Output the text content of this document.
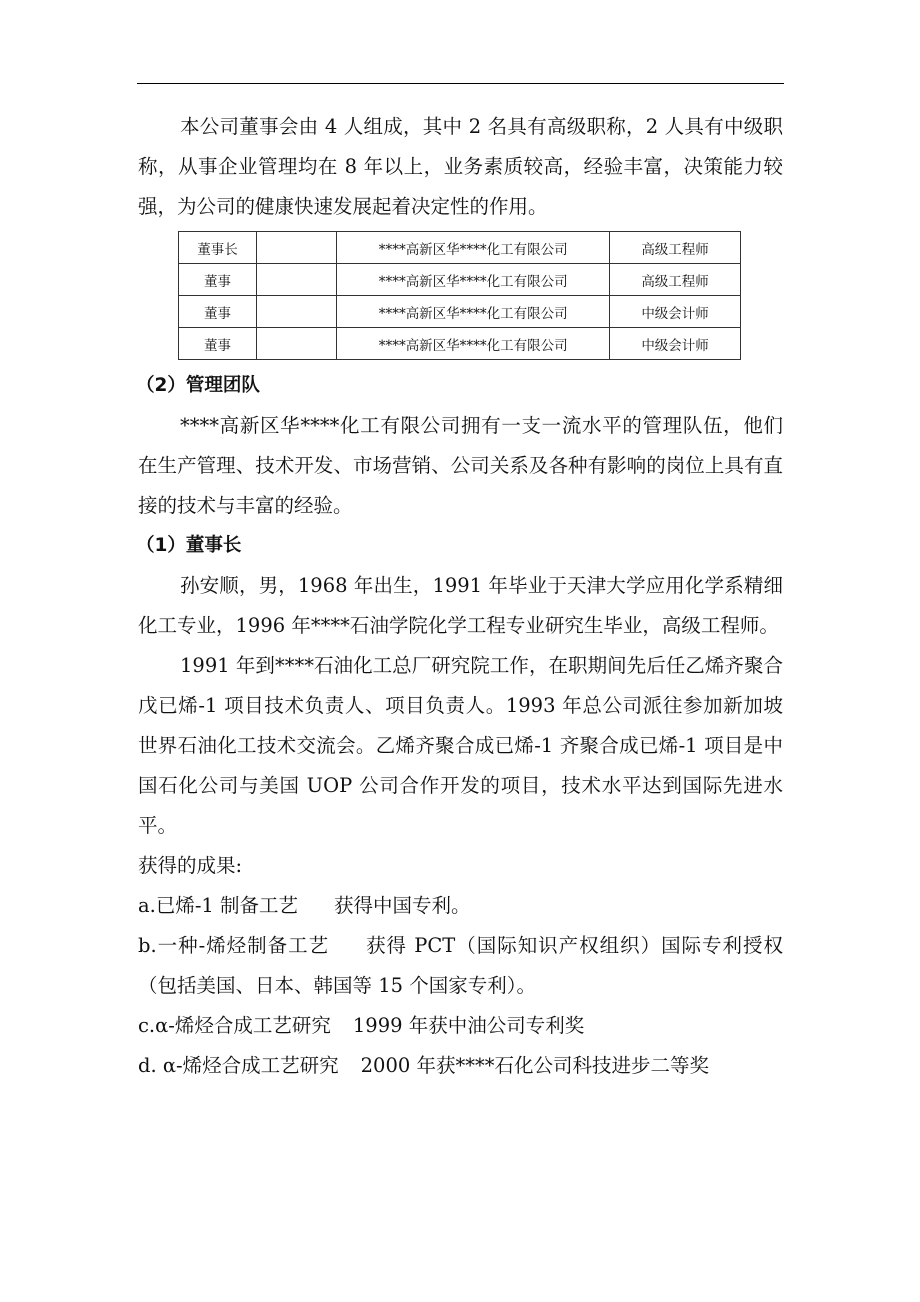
本公司董事会由 4 人组成，其中 2 名具有高级职称，2 人具有中级职称，从事企业管理均在 8 年以上，业务素质较高，经验丰富，决策能力较强，为公司的健康快速发展起着决定性的作用。

董事长		****高新区华****化工有限公司	高级工程师
董事		****高新区华****化工有限公司	高级工程师
董事		****高新区华****化工有限公司	中级会计师
董事		****高新区华****化工有限公司	中级会计师

（2）管理团队

****高新区华****化工有限公司拥有一支一流水平的管理队伍，他们在生产管理、技术开发、市场营销、公司关系及各种有影响的岗位上具有直接的技术与丰富的经验。

（1）董事长

孙安顺，男，1968 年出生，1991 年毕业于天津大学应用化学系精细化工专业，1996 年****石油学院化学工程专业研究生毕业，高级工程师。

1991 年到****石油化工总厂研究院工作，在职期间先后任乙烯齐聚合戊已烯-1 项目技术负责人、项目负责人。1993 年总公司派往参加新加坡世界石油化工技术交流会。乙烯齐聚合成已烯-1 齐聚合成已烯-1 项目是中国石化公司与美国 UOP 公司合作开发的项目，技术水平达到国际先进水平。

获得的成果:

a.已烯-1 制备工艺 获得中国专利。

b.一种-烯烃制备工艺 获得 PCT（国际知识产权组织）国际专利授权（包括美国、日本、韩国等 15 个国家专利）。

c.α-烯烃合成工艺研究 1999 年获中油公司专利奖

d. α-烯烃合成工艺研究 2000 年获****石化公司科技进步二等奖
